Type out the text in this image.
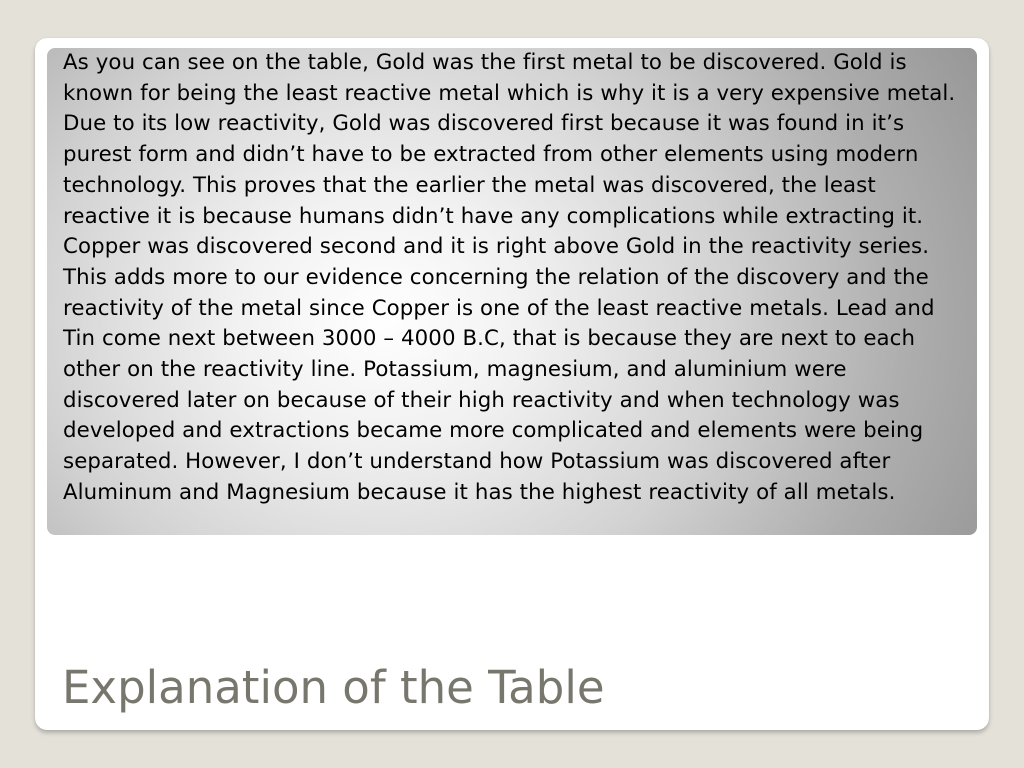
As you can see on the table, Gold was the first metal to be discovered. Gold is known for being the least reactive metal which is why it is a very expensive metal. Due to its low reactivity, Gold was discovered first because it was found in it’s purest form and didn’t have to be extracted from other elements using modern technology. This proves that the earlier the metal was discovered, the least reactive it is because humans didn’t have any complications while extracting it. Copper was discovered second and it is right above Gold in the reactivity series. This adds more to our evidence concerning the relation of the discovery and the reactivity of the metal since Copper is one of the least reactive metals. Lead and Tin come next between 3000 – 4000 B.C, that is because they are next to each other on the reactivity line. Potassium, magnesium, and aluminium were discovered later on because of their high reactivity and when technology was developed and extractions became more complicated and elements were being separated. However, I don’t understand how Potassium was discovered after Aluminum and Magnesium because it has the highest reactivity of all metals.

Explanation of the Table
